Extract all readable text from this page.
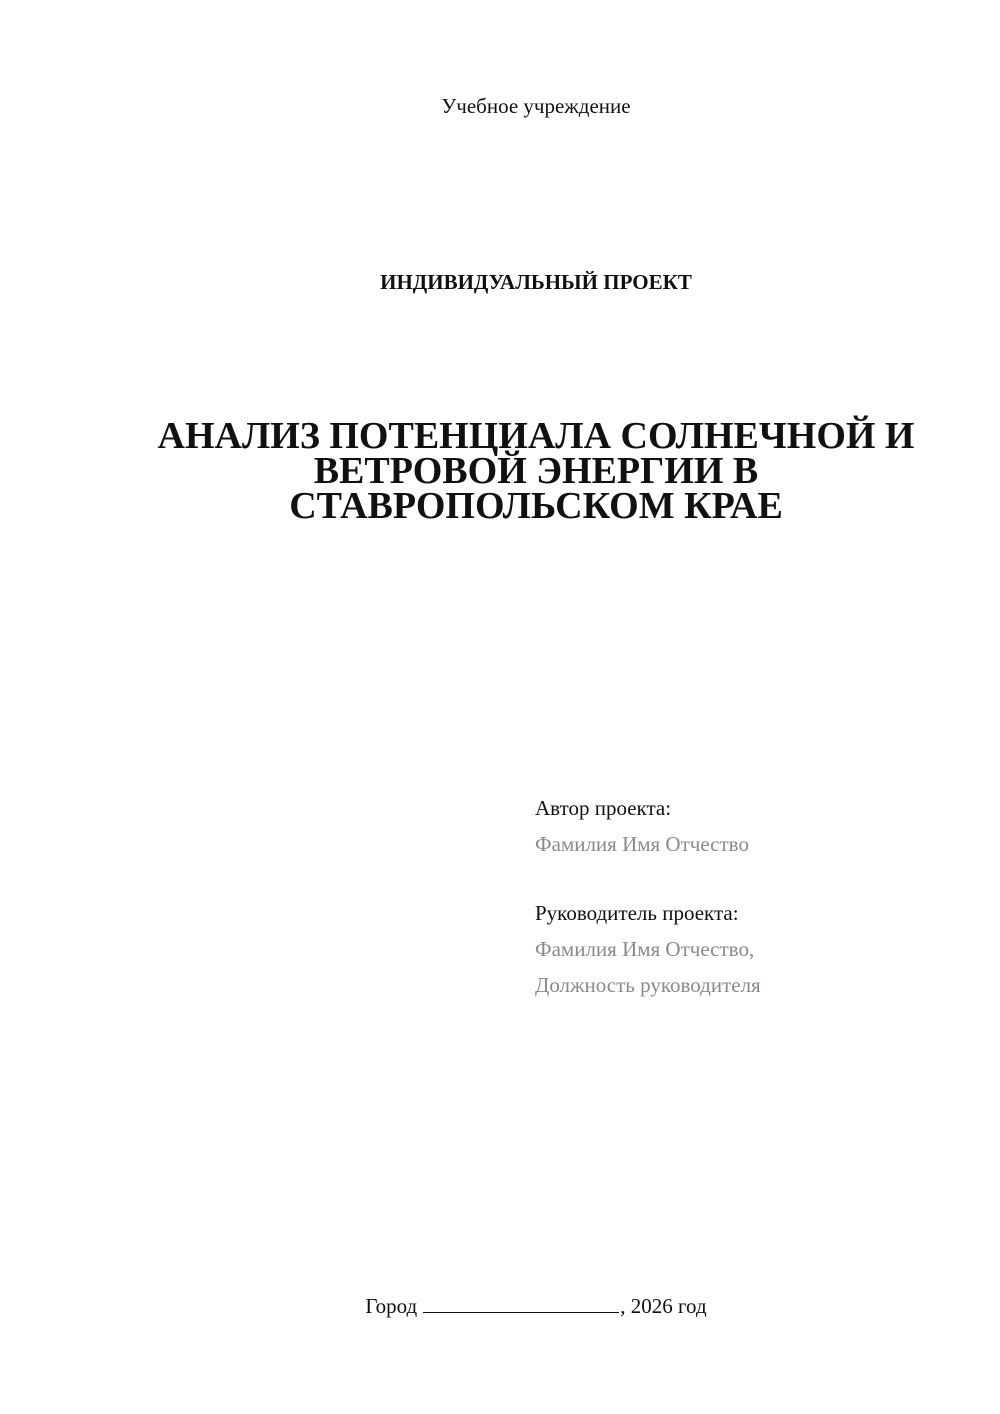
Учебное учреждение
ИНДИВИДУАЛЬНЫЙ ПРОЕКТ
АНАЛИЗ ПОТЕНЦИАЛА СОЛНЕЧНОЙ И
ВЕТРОВОЙ ЭНЕРГИИ В
СТАВРОПОЛЬСКОМ КРАЕ
Автор проекта:
Фамилия Имя Отчество
Руководитель проекта:
Фамилия Имя Отчество,
Должность руководителя
Город	, 2026 год
